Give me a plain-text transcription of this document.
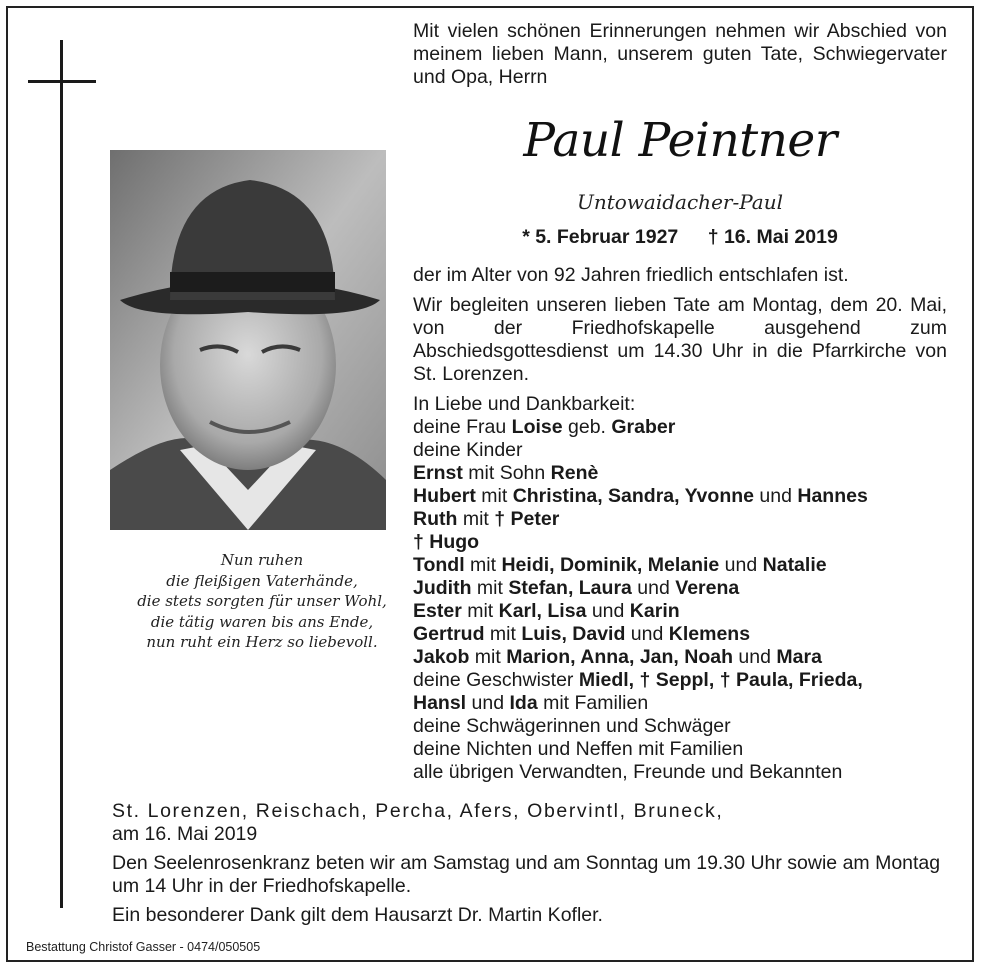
Nun ruhen
die fleißigen Vaterhände,
die stets sorgten für unser Wohl,
die tätig waren bis ans Ende,
nun ruht ein Herz so liebevoll.
Mit vielen schönen Erinnerungen nehmen wir Abschied von meinem lieben Mann, unserem guten Tate, Schwiegervater und Opa, Herrn
Paul Peintner
Untowaidacher-Paul
* 5. Februar 1927 † 16. Mai 2019

der im Alter von 92 Jahren friedlich entschlafen ist.

Wir begleiten unseren lieben Tate am Montag, dem 20. Mai, von der Friedhofskapelle ausgehend zum Abschiedsgottesdienst um 14.30 Uhr in die Pfarrkirche von St. Lorenzen.

In Liebe und Dankbarkeit:

deine Frau Loise geb. Graber

deine Kinder

Ernst mit Sohn Renè

Hubert mit Christina, Sandra, Yvonne und Hannes

Ruth mit † Peter

† Hugo

Tondl mit Heidi, Dominik, Melanie und Natalie

Judith mit Stefan, Laura und Verena

Ester mit Karl, Lisa und Karin

Gertrud mit Luis, David und Klemens

Jakob mit Marion, Anna, Jan, Noah und Mara

deine Geschwister Miedl, † Seppl, † Paula, Frieda,

Hansl und Ida mit Familien

deine Schwägerinnen und Schwäger

deine Nichten und Neffen mit Familien

alle übrigen Verwandten, Freunde und Bekannten

St. Lorenzen, Reischach, Percha, Afers, Obervintl, Bruneck,
am 16. Mai 2019

Den Seelenrosenkranz beten wir am Samstag und am Sonntag um 19.30 Uhr sowie am Montag um 14 Uhr in der Friedhofskapelle.

Ein besonderer Dank gilt dem Hausarzt Dr. Martin Kofler.

Bestattung Christof Gasser - 0474/050505
